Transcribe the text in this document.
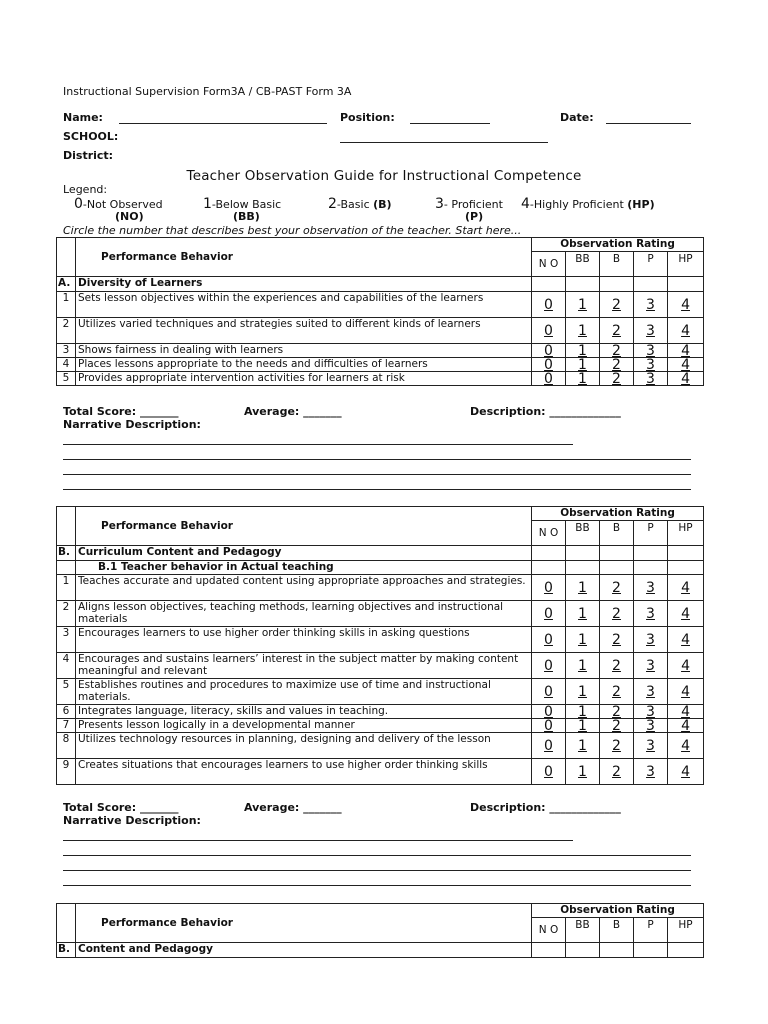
Instructional Supervision Form3A / CB-PAST Form 3A
Name:	Position:	Date:
SCHOOL:
District:
Teacher Observation Guide for Instructional Competence
Legend:
0-Not Observed
(NO)
1-Below Basic
(BB)
2-Basic (B)	3- Proficient
(P)
4-Highly Proficient (HP)
Circle the number that describes best your observation of the teacher. Start here...
	Performance Behavior	Observation Rating				
		N O	BB	B	P	HP
A.	Diversity of Learners					
1	Sets lesson objectives within the experiences and capabilities of the learners	0	1	2	3	4
2	Utilizes varied techniques and strategies suited to different kinds of learners	0	1	2	3	4
3	Shows fairness in dealing with learners	0	1	2	3	4
4	Places lessons appropriate to the needs and difficulties of learners	0	1	2	3	4
5	Provides appropriate intervention activities for learners at risk	0	1	2	3	4
Total Score: _______	Average: _______	Description: _____________
Narrative Description:
	Performance Behavior	Observation Rating				
		N O	BB	B	P	HP
B.	Curriculum Content and Pedagogy					
	B.1 Teacher behavior in Actual teaching					
1	Teaches accurate and updated content using appropriate approaches and strategies.	0	1	2	3	4
2	Aligns lesson objectives, teaching methods, learning objectives and instructional materials	0	1	2	3	4
3	Encourages learners to use higher order thinking skills in asking questions	0	1	2	3	4
4	Encourages and sustains learners’ interest in the subject matter by making content meaningful and relevant	0	1	2	3	4
5	Establishes routines and procedures to maximize use of time and instructional materials.	0	1	2	3	4
6	Integrates language, literacy, skills and values in teaching.	0	1	2	3	4
7	Presents lesson logically in a developmental manner	0	1	2	3	4
8	Utilizes technology resources in planning, designing and delivery of the lesson	0	1	2	3	4
9	Creates situations that encourages learners to use higher order thinking skills	0	1	2	3	4
Total Score: _______	Average: _______	Description: _____________
Narrative Description:
	Performance Behavior	Observation Rating				
		N O	BB	B	P	HP
B.	Content and Pedagogy					
